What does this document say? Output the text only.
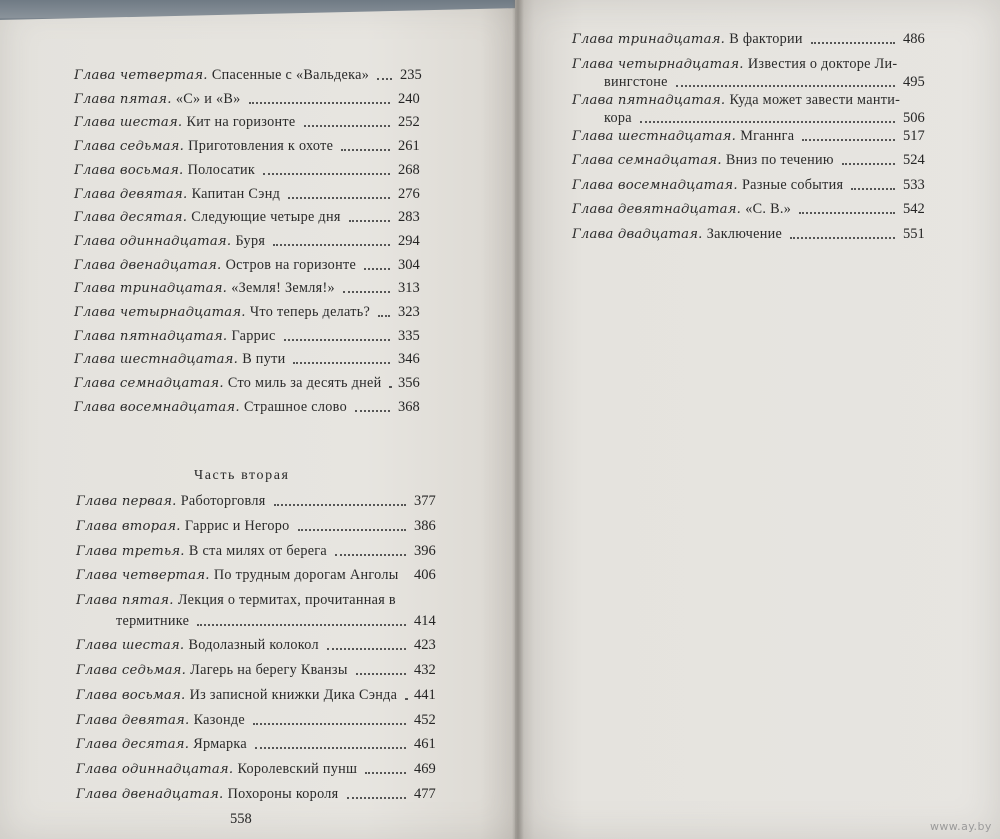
Глава четвертая. Спасенные с «Вальдека» 235
Глава пятая. «С» и «В»	240
Глава шестая. Кит на горизонте	252
Глава седьмая. Приготовления к охоте	261
Глава восьмая. Полосатик	268
Глава девятая. Капитан Сэнд	276
Глава десятая. Следующие четыре дня	283
Глава одиннадцатая. Буря	294
Глава двенадцатая. Остров на горизонте	304
Глава тринадцатая. «Земля! Земля!»	313
Глава четырнадцатая. Что теперь делать? 323
Глава пятнадцатая. Гаррис	335
Глава шестнадцатая. В пути	346
Глава семнадцатая. Сто миль за десять дней 356
Глава восемнадцатая. Страшное слово	368
Глава первая. Работорговля	377
Глава вторая. Гаррис и Негоро	386
Глава третья. В ста милях от берега	396
Глава четвертая. По трудным дорогам Анголы 406
Глава пятая. Лекция о термитах, прочитанная в
термитнике	414
Глава шестая. Водолазный колокол	423
Глава седьмая. Лагерь на берегу Кванзы	432
Глава восьмая. Из записной книжки Дика Сэнда 441
Глава девятая. Казонде	452
Глава десятая. Ярмарка	461
Глава одиннадцатая. Королевский пунш	469
Глава двенадцатая. Похороны короля	477
Часть вторая
Глава тринадцатая. В фактории	486
Глава четырнадцатая. Известия о докторе Ли-
вингстоне	495
Глава пятнадцатая. Куда может завести манти-
кора	506
Глава шестнадцатая. Мганнга	517
Глава семнадцатая. Вниз по течению	524
Глава восемнадцатая. Разные события	533
Глава девятнадцатая. «С. В.»	542
Глава двадцатая. Заключение	551
558	www.ay.by
